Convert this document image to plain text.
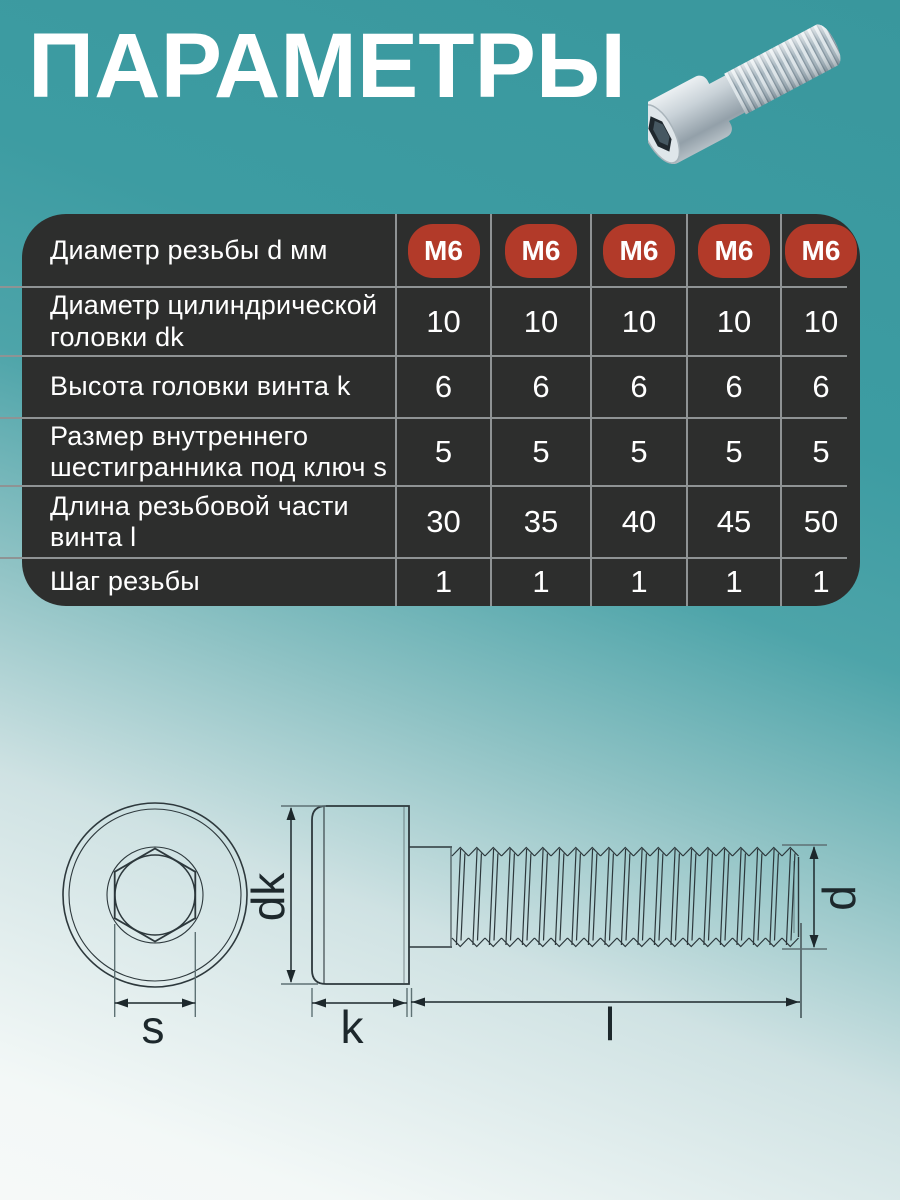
ПАРАМЕТРЫ
Диаметр резьбы d мм	M6	M6	M6	M6	M6
Диаметр цилиндрической головки dk	10	10	10	10	10
Высота головки винта k	6	6	6	6	6
Размер внутреннего шестигранника под ключ s	5	5	5	5	5
Длина резьбовой части винта l	30	35	40	45	50
Шаг резьбы	1	1	1	1	1
s
dk
k	l
d
